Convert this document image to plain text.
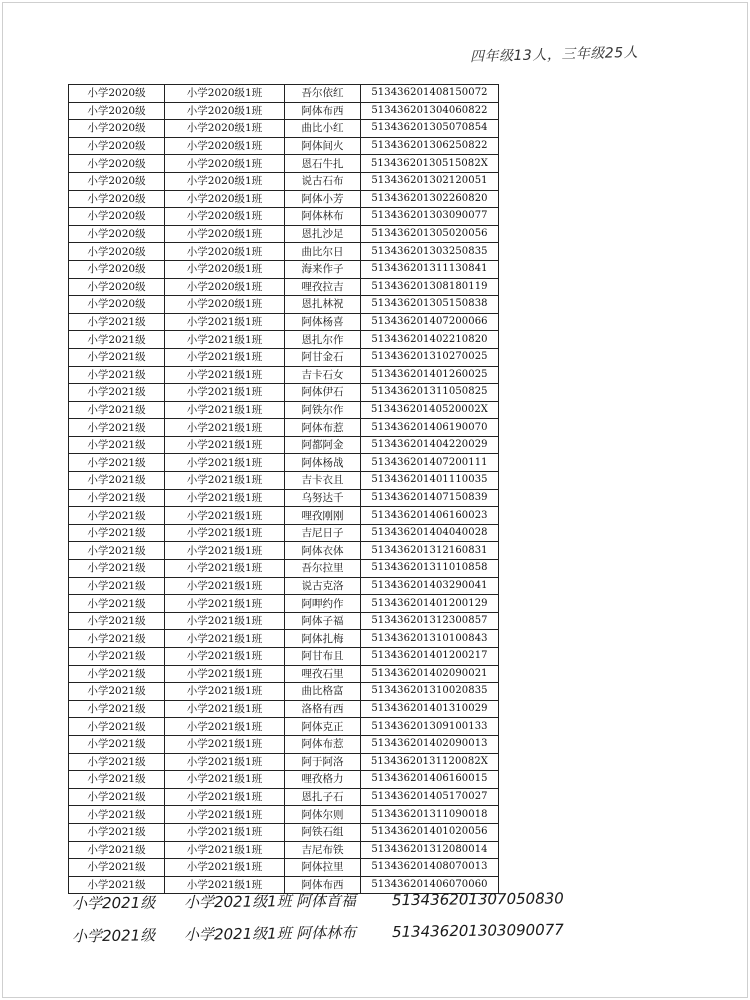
四年级13人，三年级25人
小学2020级	小学2020级1班	吾尔依红	513436201408150072
小学2020级	小学2020级1班	阿体布西	513436201304060822
小学2020级	小学2020级1班	曲比小红	513436201305070854
小学2020级	小学2020级1班	阿体间火	513436201306250822
小学2020级	小学2020级1班	恩石牛扎	51343620130515082X
小学2020级	小学2020级1班	说古石布	513436201302120051
小学2020级	小学2020级1班	阿体小芳	513436201302260820
小学2020级	小学2020级1班	阿体林布	513436201303090077
小学2020级	小学2020级1班	恩扎沙足	513436201305020056
小学2020级	小学2020级1班	曲比尔日	513436201303250835
小学2020级	小学2020级1班	海来作子	513436201311130841
小学2020级	小学2020级1班	哩孜拉吉	513436201308180119
小学2020级	小学2020级1班	恩扎林祝	513436201305150838
小学2021级	小学2021级1班	阿体杨喜	513436201407200066
小学2021级	小学2021级1班	恩扎尔作	513436201402210820
小学2021级	小学2021级1班	阿甘金石	513436201310270025
小学2021级	小学2021级1班	吉卡石女	513436201401260025
小学2021级	小学2021级1班	阿体伊石	513436201311050825
小学2021级	小学2021级1班	阿铁尔作	51343620140520002X
小学2021级	小学2021级1班	阿体布惹	513436201406190070
小学2021级	小学2021级1班	阿都阿金	513436201404220029
小学2021级	小学2021级1班	阿体杨战	513436201407200111
小学2021级	小学2021级1班	吉卡衣且	513436201401110035
小学2021级	小学2021级1班	乌努达千	513436201407150839
小学2021级	小学2021级1班	哩孜刚刚	513436201406160023
小学2021级	小学2021级1班	吉尼日子	513436201404040028
小学2021级	小学2021级1班	阿体衣体	513436201312160831
小学2021级	小学2021级1班	吾尔拉里	513436201311010858
小学2021级	小学2021级1班	说古克洛	513436201403290041
小学2021级	小学2021级1班	阿呷约作	513436201401200129
小学2021级	小学2021级1班	阿体子福	513436201312300857
小学2021级	小学2021级1班	阿体扎梅	513436201310100843
小学2021级	小学2021级1班	阿甘布且	513436201401200217
小学2021级	小学2021级1班	哩孜石里	513436201402090021
小学2021级	小学2021级1班	曲比格富	513436201310020835
小学2021级	小学2021级1班	洛格有西	513436201401310029
小学2021级	小学2021级1班	阿体克正	513436201309100133
小学2021级	小学2021级1班	阿体布惹	513436201402090013
小学2021级	小学2021级1班	阿于阿洛	51343620131120082X
小学2021级	小学2021级1班	哩孜格力	513436201406160015
小学2021级	小学2021级1班	恩扎子石	513436201405170027
小学2021级	小学2021级1班	阿体尔则	513436201311090018
小学2021级	小学2021级1班	阿铁石组	513436201401020056
小学2021级	小学2021级1班	吉尼布铁	513436201312080014
小学2021级	小学2021级1班	阿体拉里	513436201408070013
小学2021级	小学2021级1班	阿体布西	513436201406070060
小学2021级 小学2021级1班 阿体首福 513436201307050830
小学2021级 小学2021级1班 阿体林布 513436201303090077
